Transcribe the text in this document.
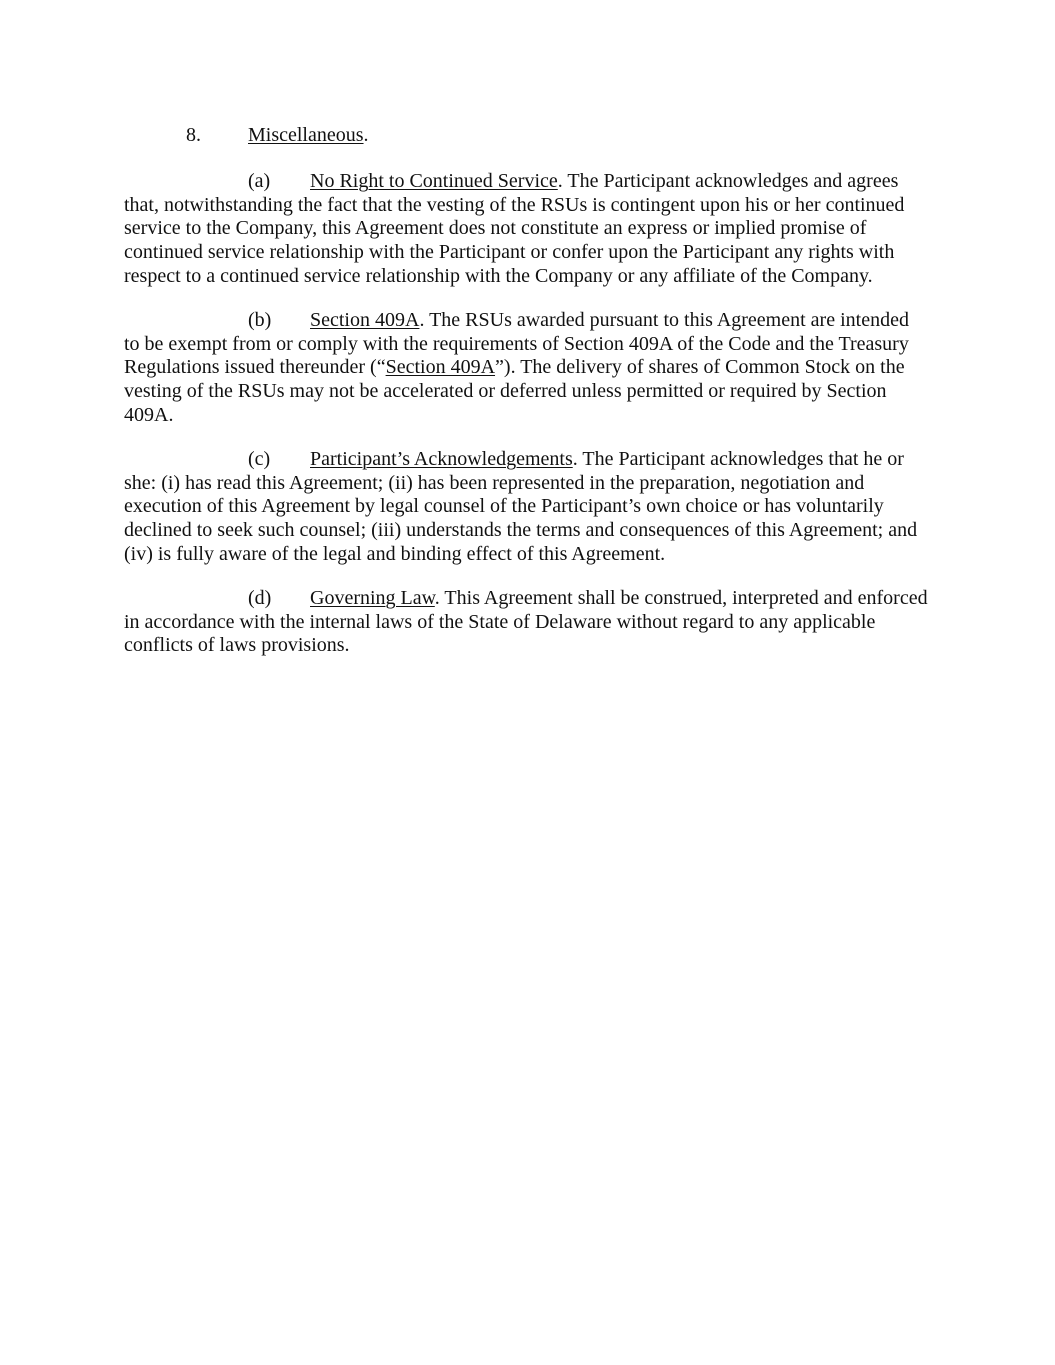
8. Miscellaneous.

(a) No Right to Continued Service. The Participant acknowledges and agrees that, notwithstanding the fact that the vesting of the RSUs is contingent upon his or her continued service to the Company, this Agreement does not constitute an express or implied promise of continued service relationship with the Participant or confer upon the Participant any rights with respect to a continued service relationship with the Company or any affiliate of the Company.

(b) Section 409A. The RSUs awarded pursuant to this Agreement are intended to be exempt from or comply with the requirements of Section 409A of the Code and the Treasury Regulations issued thereunder (“Section 409A”). The delivery of shares of Common Stock on the vesting of the RSUs may not be accelerated or deferred unless permitted or required by Section 409A.

(c) Participant’s Acknowledgements. The Participant acknowledges that he or she: (i) has read this Agreement; (ii) has been represented in the preparation, negotiation and execution of this Agreement by legal counsel of the Participant’s own choice or has voluntarily declined to seek such counsel; (iii) understands the terms and consequences of this Agreement; and (iv) is fully aware of the legal and binding effect of this Agreement.

(d) Governing Law. This Agreement shall be construed, interpreted and enforced in accordance with the internal laws of the State of Delaware without regard to any applicable conflicts of laws provisions.
